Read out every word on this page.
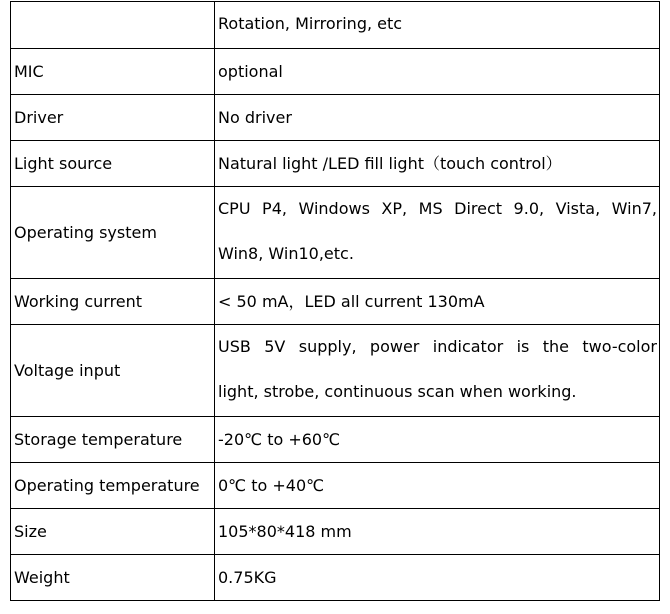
	Rotation, Mirroring, etc

MIC	optional
Driver	No driver
Light source	Natural light /LED fill light（touch control）
Operating system	CPU P4, Windows XP, MS Direct 9.0, Vista, Win7,
Win8, Win10,etc.

Working current	< 50 mA，LED all current 130mA
Voltage input	USB 5V supply, power indicator is the two-color
light, strobe, continuous scan when working.

Storage temperature	-20℃ to +60℃
Operating temperature	0℃ to +40℃
Size	105*80*418 mm
Weight	0.75KG
